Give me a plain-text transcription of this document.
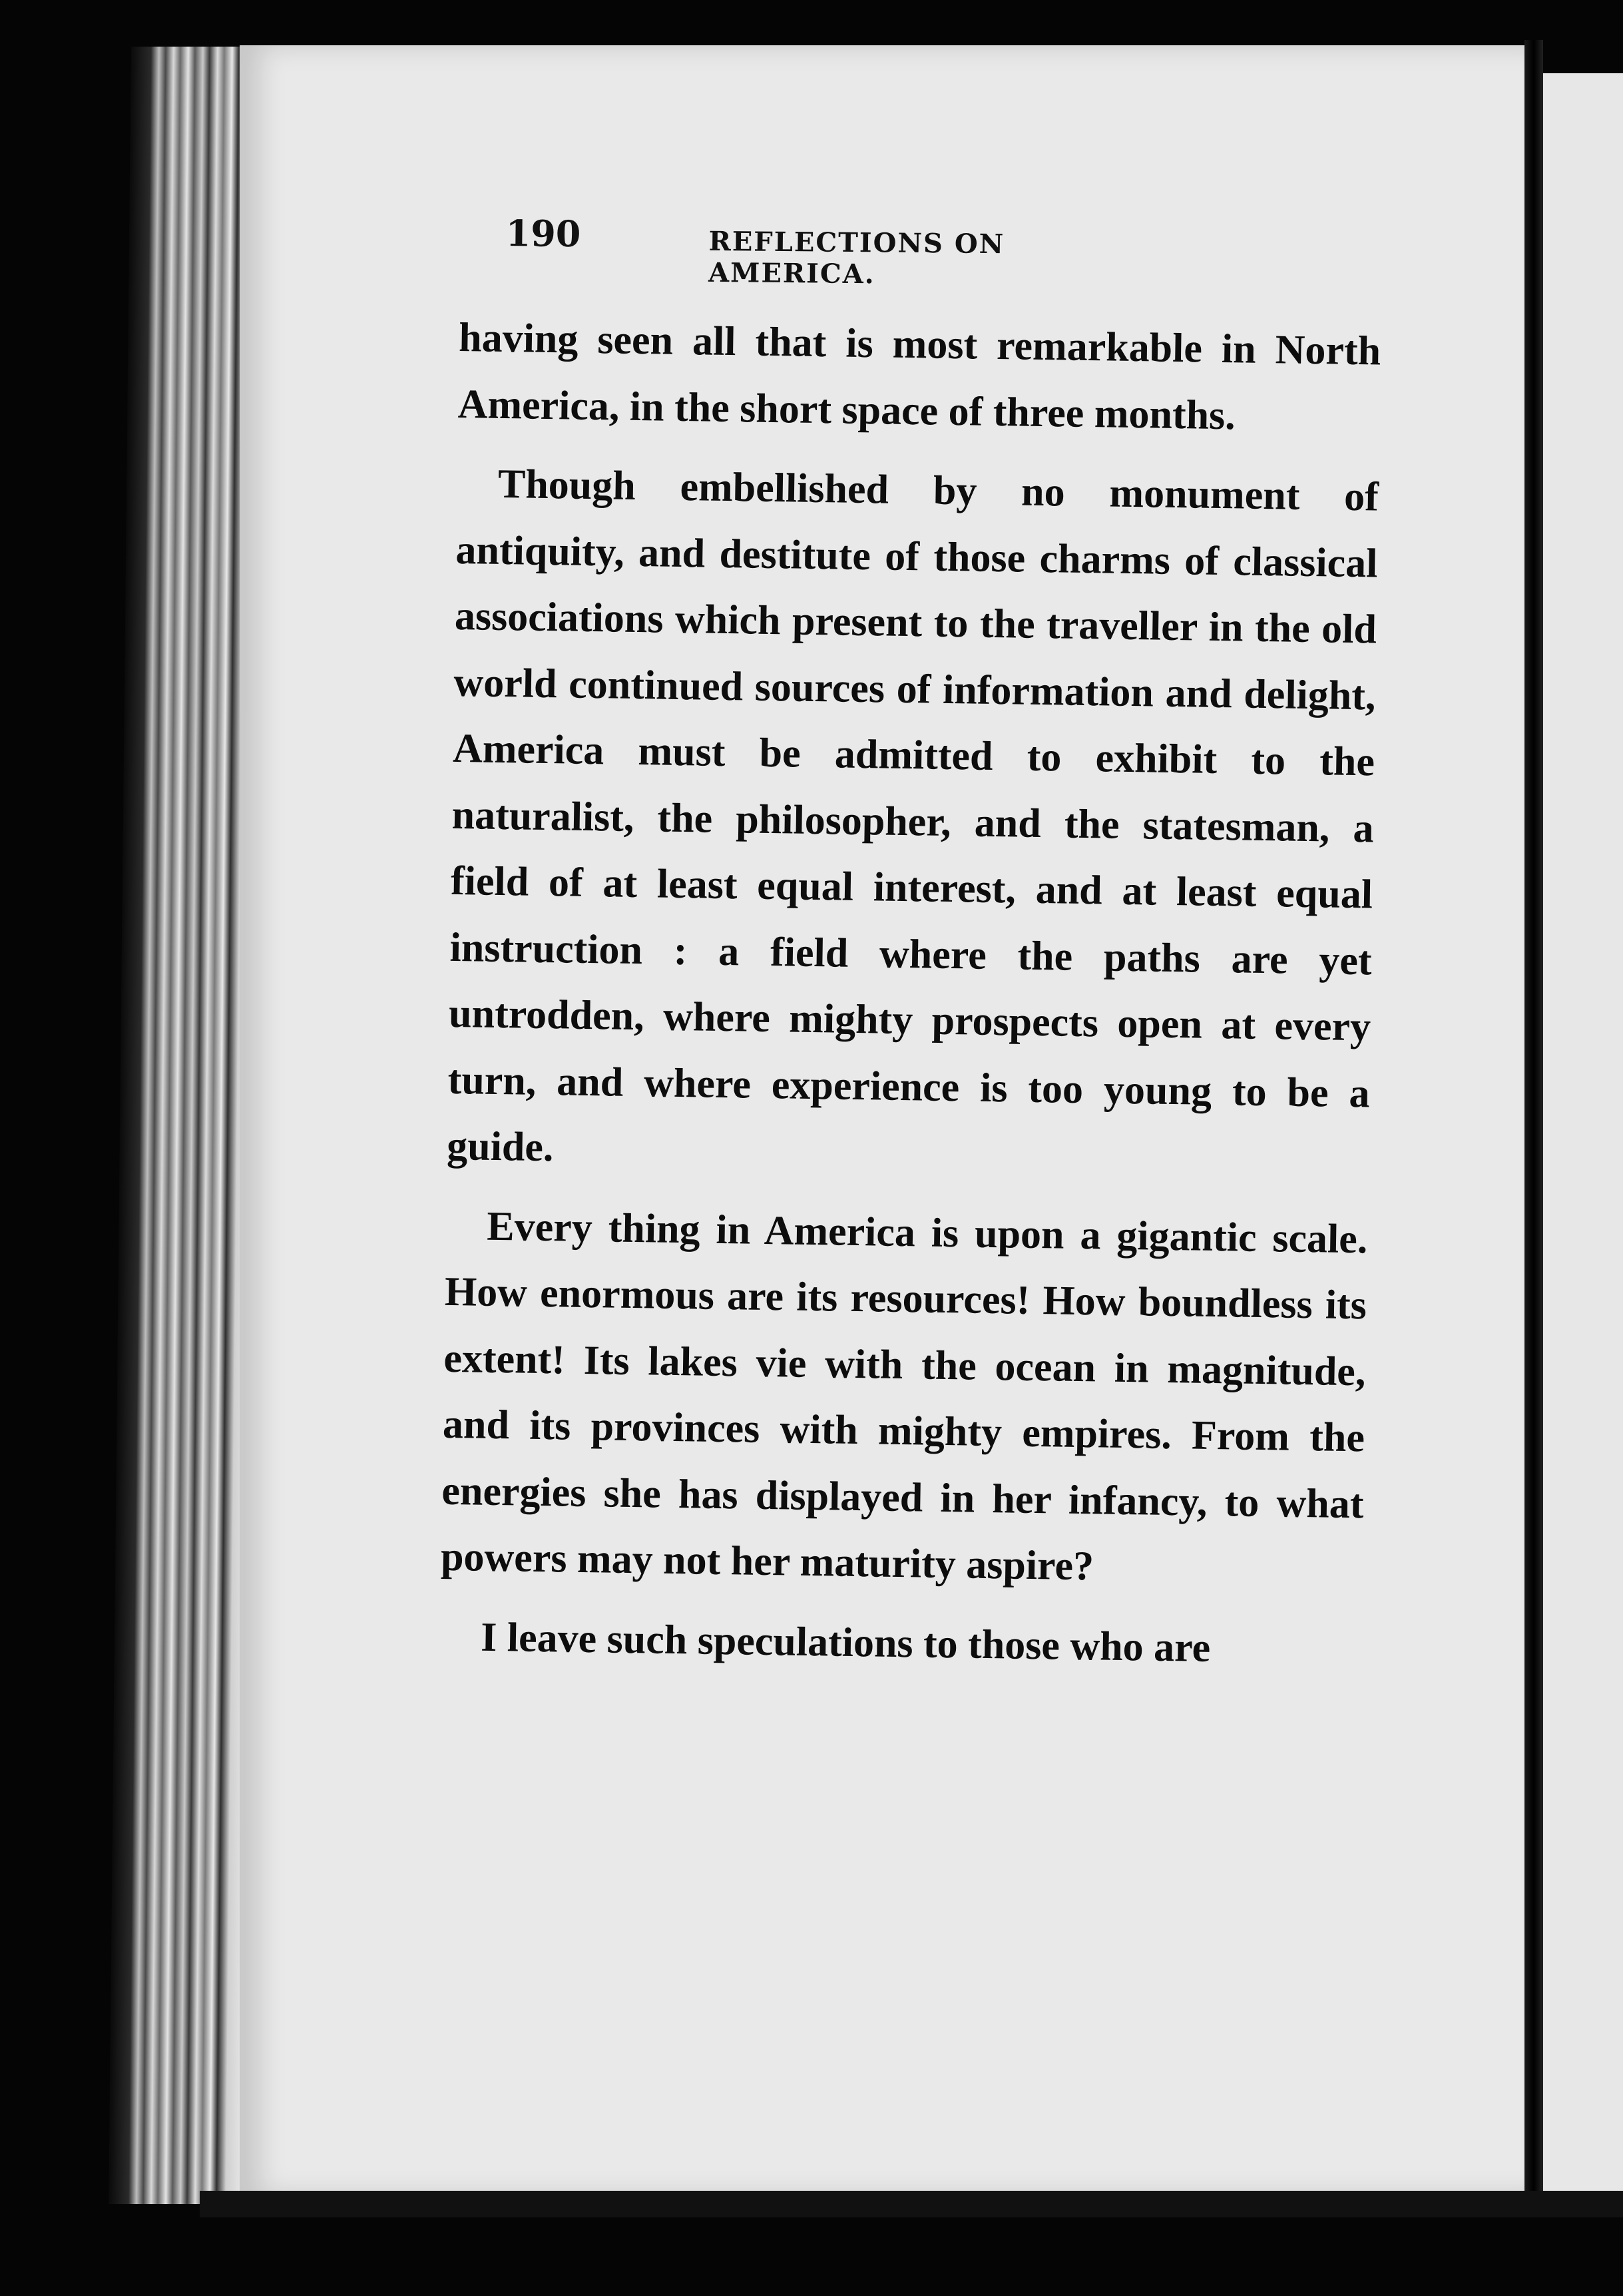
190	REFLECTIONS ON AMERICA.

having seen all that is most remarkable in North America, in the short space of three months.

Though embellished by no monument of antiquity, and destitute of those charms of classical associations which present to the traveller in the old world continued sources of information and delight, America must be admitted to exhibit to the naturalist, the philosopher, and the statesman, a field of at least equal interest, and at least equal instruction : a field where the paths are yet untrodden, where mighty prospects open at every turn, and where experience is too young to be a guide.

Every thing in America is upon a gigantic scale. How enormous are its resources! How boundless its extent! Its lakes vie with the ocean in magnitude, and its provinces with mighty empires. From the energies she has displayed in her infancy, to what powers may not her maturity aspire?

I leave such speculations to those who are
